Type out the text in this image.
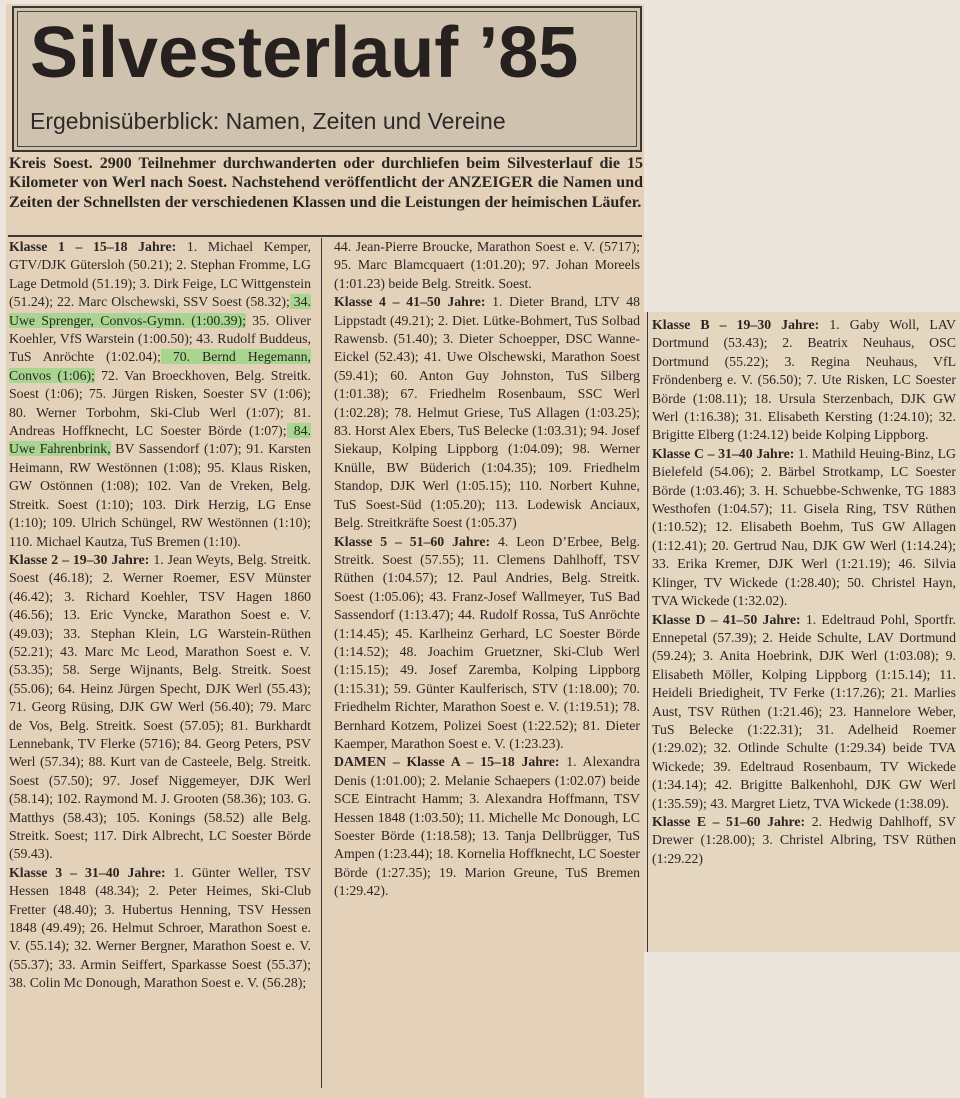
Silvesterlauf ’85
Ergebnisüberblick: Namen, Zeiten und Vereine
Kreis Soest. 2900 Teilnehmer durchwanderten oder durchliefen beim Silvesterlauf die 15 Kilometer von Werl nach Soest. Nachstehend veröffentlicht der ANZEIGER die Namen und Zeiten der Schnellsten der verschiedenen Klassen und die Leistungen der heimischen Läufer.
Klasse 1 – 15–18 Jahre: 1. Michael Kemper, GTV/DJK Gütersloh (50.21); 2. Stephan Fromme, LG Lage Detmold (51.19); 3. Dirk Feige, LC Wittgenstein (51.24); 22. Marc Olschewski, SSV Soest (58.32); 34. Uwe Sprenger, Convos-Gymn. (1:00.39); 35. Oliver Koehler, VfS Warstein (1:00.50); 43. Rudolf Buddeus, TuS Anröchte (1:02.04); 70. Bernd Hegemann, Convos (1:06); 72. Van Broeckhoven, Belg. Streitk. Soest (1:06); 75. Jürgen Risken, Soester SV (1:06); 80. Werner Torbohm, Ski-Club Werl (1:07); 81. Andreas Hoffknecht, LC Soester Börde (1:07); 84. Uwe Fahrenbrink, BV Sassendorf (1:07); 91. Karsten Heimann, RW Westönnen (1:08); 95. Klaus Risken, GW Ostönnen (1:08); 102. Van de Vreken, Belg. Streitk. Soest (1:10); 103. Dirk Herzig, LG Ense (1:10); 109. Ulrich Schüngel, RW Westönnen (1:10); 110. Michael Kautza, TuS Bremen (1:10).
Klasse 2 – 19–30 Jahre: 1. Jean Weyts, Belg. Streitk. Soest (46.18); 2. Werner Roemer, ESV Münster (46.42); 3. Richard Koehler, TSV Hagen 1860 (46.56); 13. Eric Vyncke, Marathon Soest e. V. (49.03); 33. Stephan Klein, LG Warstein-Rüthen (52.21); 43. Marc Mc Leod, Marathon Soest e. V. (53.35); 58. Serge Wijnants, Belg. Streitk. Soest (55.06); 64. Heinz Jürgen Specht, DJK Werl (55.43); 71. Georg Rüsing, DJK GW Werl (56.40); 79. Marc de Vos, Belg. Streitk. Soest (57.05); 81. Burkhardt Lennebank, TV Flerke (5716); 84. Georg Peters, PSV Werl (57.34); 88. Kurt van de Casteele, Belg. Streitk. Soest (57.50); 97. Josef Niggemeyer, DJK Werl (58.14); 102. Raymond M. J. Grooten (58.36); 103. G. Matthys (58.43); 105. Konings (58.52) alle Belg. Streitk. Soest; 117. Dirk Albrecht, LC Soester Börde (59.43).
Klasse 3 – 31–40 Jahre: 1. Günter Weller, TSV Hessen 1848 (48.34); 2. Peter Heimes, Ski-Club Fretter (48.40); 3. Hubertus Henning, TSV Hessen 1848 (49.49); 26. Helmut Schroer, Marathon Soest e. V. (55.14); 32. Werner Bergner, Marathon Soest e. V. (55.37); 33. Armin Seiffert, Sparkasse Soest (55.37); 38. Colin Mc Donough, Marathon Soest e. V. (56.28);
44. Jean-Pierre Broucke, Marathon Soest e. V. (5717); 95. Marc Blamcquaert (1:01.20); 97. Johan Moreels (1:01.23) beide Belg. Streitk. Soest.
Klasse 4 – 41–50 Jahre: 1. Dieter Brand, LTV 48 Lippstadt (49.21); 2. Diet. Lütke-Bohmert, TuS Solbad Rawensb. (51.40); 3. Dieter Schoepper, DSC Wanne-Eickel (52.43); 41. Uwe Olschewski, Marathon Soest (59.41); 60. Anton Guy Johnston, TuS Silberg (1:01.38); 67. Friedhelm Rosenbaum, SSC Werl (1:02.28); 78. Helmut Griese, TuS Allagen (1:03.25); 83. Horst Alex Ebers, TuS Belecke (1:03.31); 94. Josef Siekaup, Kolping Lippborg (1:04.09); 98. Werner Knülle, BW Büderich (1:04.35); 109. Friedhelm Standop, DJK Werl (1:05.15); 110. Norbert Kuhne, TuS Soest-Süd (1:05.20); 113. Lodewisk Anciaux, Belg. Streitkräfte Soest (1:05.37)
Klasse 5 – 51–60 Jahre: 4. Leon D’Erbee, Belg. Streitk. Soest (57.55); 11. Clemens Dahlhoff, TSV Rüthen (1:04.57); 12. Paul Andries, Belg. Streitk. Soest (1:05.06); 43. Franz-Josef Wallmeyer, TuS Bad Sassendorf (1:13.47); 44. Rudolf Rossa, TuS Anröchte (1:14.45); 45. Karlheinz Gerhard, LC Soester Börde (1:14.52); 48. Joachim Gruetzner, Ski-Club Werl (1:15.15); 49. Josef Zaremba, Kolping Lippborg (1:15.31); 59. Günter Kaulferisch, STV (1:18.00); 70. Friedhelm Richter, Marathon Soest e. V. (1:19.51); 78. Bernhard Kotzem, Polizei Soest (1:22.52); 81. Dieter Kaemper, Marathon Soest e. V. (1:23.23).
DAMEN – Klasse A – 15–18 Jahre: 1. Alexandra Denis (1:01.00); 2. Melanie Schaepers (1:02.07) beide SCE Eintracht Hamm; 3. Alexandra Hoffmann, TSV Hessen 1848 (1:03.50); 11. Michelle Mc Donough, LC Soester Börde (1:18.58); 13. Tanja Dellbrügger, TuS Ampen (1:23.44); 18. Kornelia Hoffknecht, LC Soester Börde (1:27.35); 19. Marion Greune, TuS Bremen (1:29.42).
Klasse B – 19–30 Jahre: 1. Gaby Woll, LAV Dortmund (53.43); 2. Beatrix Neuhaus, OSC Dortmund (55.22); 3. Regina Neuhaus, VfL Fröndenberg e. V. (56.50); 7. Ute Risken, LC Soester Börde (1:08.11); 18. Ursula Sterzenbach, DJK GW Werl (1:16.38); 31. Elisabeth Kersting (1:24.10); 32. Brigitte Elberg (1:24.12) beide Kolping Lippborg.
Klasse C – 31–40 Jahre: 1. Mathild Heuing-Binz, LG Bielefeld (54.06); 2. Bärbel Strotkamp, LC Soester Börde (1:03.46); 3. H. Schuebbe-Schwenke, TG 1883 Westhofen (1:04.57); 11. Gisela Ring, TSV Rüthen (1:10.52); 12. Elisabeth Boehm, TuS GW Allagen (1:12.41); 20. Gertrud Nau, DJK GW Werl (1:14.24); 33. Erika Kremer, DJK Werl (1:21.19); 46. Silvia Klinger, TV Wickede (1:28.40); 50. Christel Hayn, TVA Wickede (1:32.02).
Klasse D – 41–50 Jahre: 1. Edeltraud Pohl, Sportfr. Ennepetal (57.39); 2. Heide Schulte, LAV Dortmund (59.24); 3. Anita Hoebrink, DJK Werl (1:03.08); 9. Elisabeth Möller, Kolping Lippborg (1:15.14); 11. Heideli Briedigheit, TV Ferke (1:17.26); 21. Marlies Aust, TSV Rüthen (1:21.46); 23. Hannelore Weber, TuS Belecke (1:22.31); 31. Adelheid Roemer (1:29.02); 32. Otlinde Schulte (1:29.34) beide TVA Wickede; 39. Edeltraud Rosenbaum, TV Wickede (1:34.14); 42. Brigitte Balkenhohl, DJK GW Werl (1:35.59); 43. Margret Lietz, TVA Wickede (1:38.09).
Klasse E – 51–60 Jahre: 2. Hedwig Dahlhoff, SV Drewer (1:28.00); 3. Christel Albring, TSV Rüthen (1:29.22)
